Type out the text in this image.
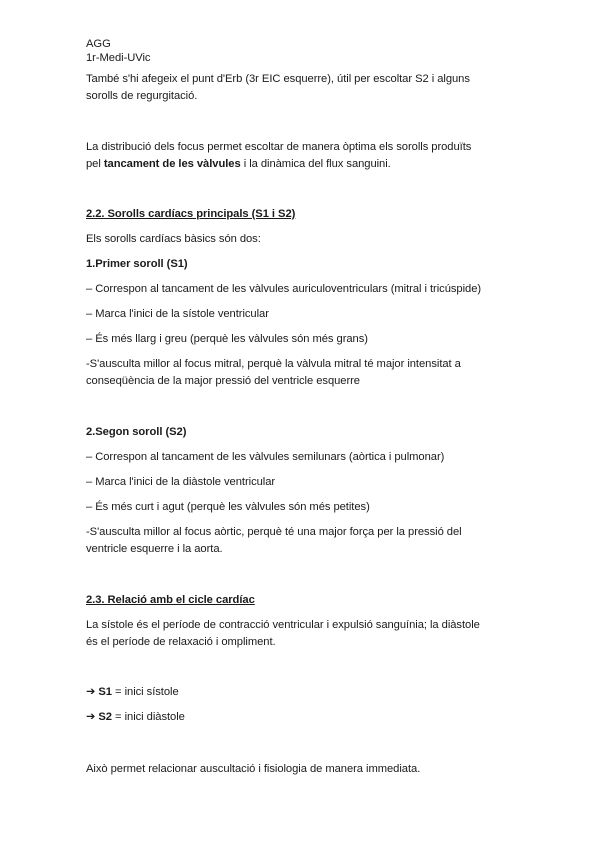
AGG
1r-Medi-UVic
També s'hi afegeix el punt d'Erb (3r EIC esquerre), útil per escoltar S2 i alguns
sorolls de regurgitació.
La distribució dels focus permet escoltar de manera òptima els sorolls produïts
pel tancament de les vàlvules i la dinàmica del flux sanguini.
2.2. Sorolls cardíacs principals (S1 i S2)
Els sorolls cardíacs bàsics són dos:
1.Primer soroll (S1)
– Correspon al tancament de les vàlvules auriculoventriculars (mitral i tricúspide)
– Marca l'inici de la sístole ventricular
– És més llarg i greu (perquè les vàlvules són més grans)
-S'ausculta millor al focus mitral, perquè la vàlvula mitral té major intensitat a
conseqüència de la major pressió del ventricle esquerre
2.Segon soroll (S2)
– Correspon al tancament de les vàlvules semilunars (aòrtica i pulmonar)
– Marca l'inici de la diàstole ventricular
– És més curt i agut (perquè les vàlvules són més petites)
-S'ausculta millor al focus aòrtic, perquè té una major força per la pressió del
ventricle esquerre i la aorta.
2.3. Relació amb el cicle cardíac
La sístole és el període de contracció ventricular i expulsió sanguínia; la diàstole
és el període de relaxació i ompliment.
➔ S1 = inici sístole
➔ S2 = inici diàstole
Això permet relacionar auscultació i fisiologia de manera immediata.
